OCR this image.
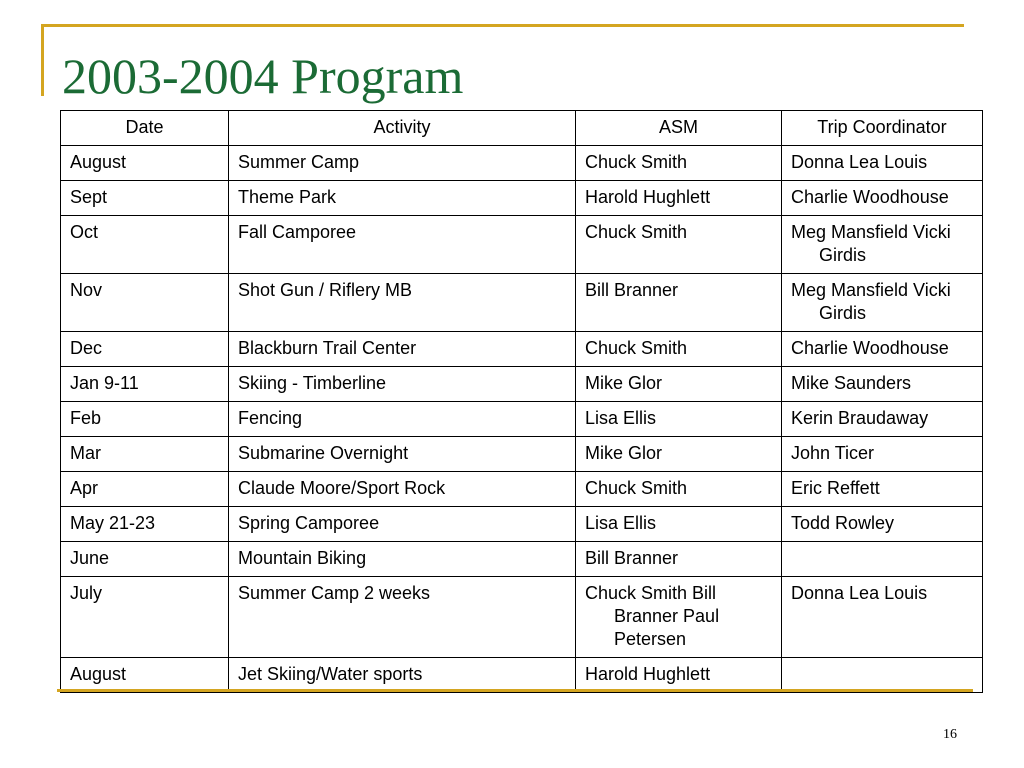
2003-2004 Program
Date	Activity	ASM	Trip Coordinator
August	Summer Camp	Chuck Smith	Donna Lea Louis
Sept	Theme Park	Harold Hughlett	Charlie Woodhouse
Oct	Fall Camporee	Chuck Smith	Meg Mansfield Vicki Girdis
Nov	Shot Gun / Riflery MB	Bill Branner	Meg Mansfield Vicki Girdis
Dec	Blackburn Trail Center	Chuck Smith	Charlie Woodhouse
Jan 9-11	Skiing - Timberline	Mike Glor	Mike Saunders
Feb	Fencing	Lisa Ellis	Kerin Braudaway
Mar	Submarine Overnight	Mike Glor	John Ticer
Apr	Claude Moore/Sport Rock	Chuck Smith	Eric Reffett
May 21-23	Spring Camporee	Lisa Ellis	Todd Rowley
June	Mountain Biking	Bill Branner	
July	Summer Camp 2 weeks	Chuck Smith Bill Branner Paul Petersen	Donna Lea Louis
August	Jet Skiing/Water sports	Harold Hughlett	
16
